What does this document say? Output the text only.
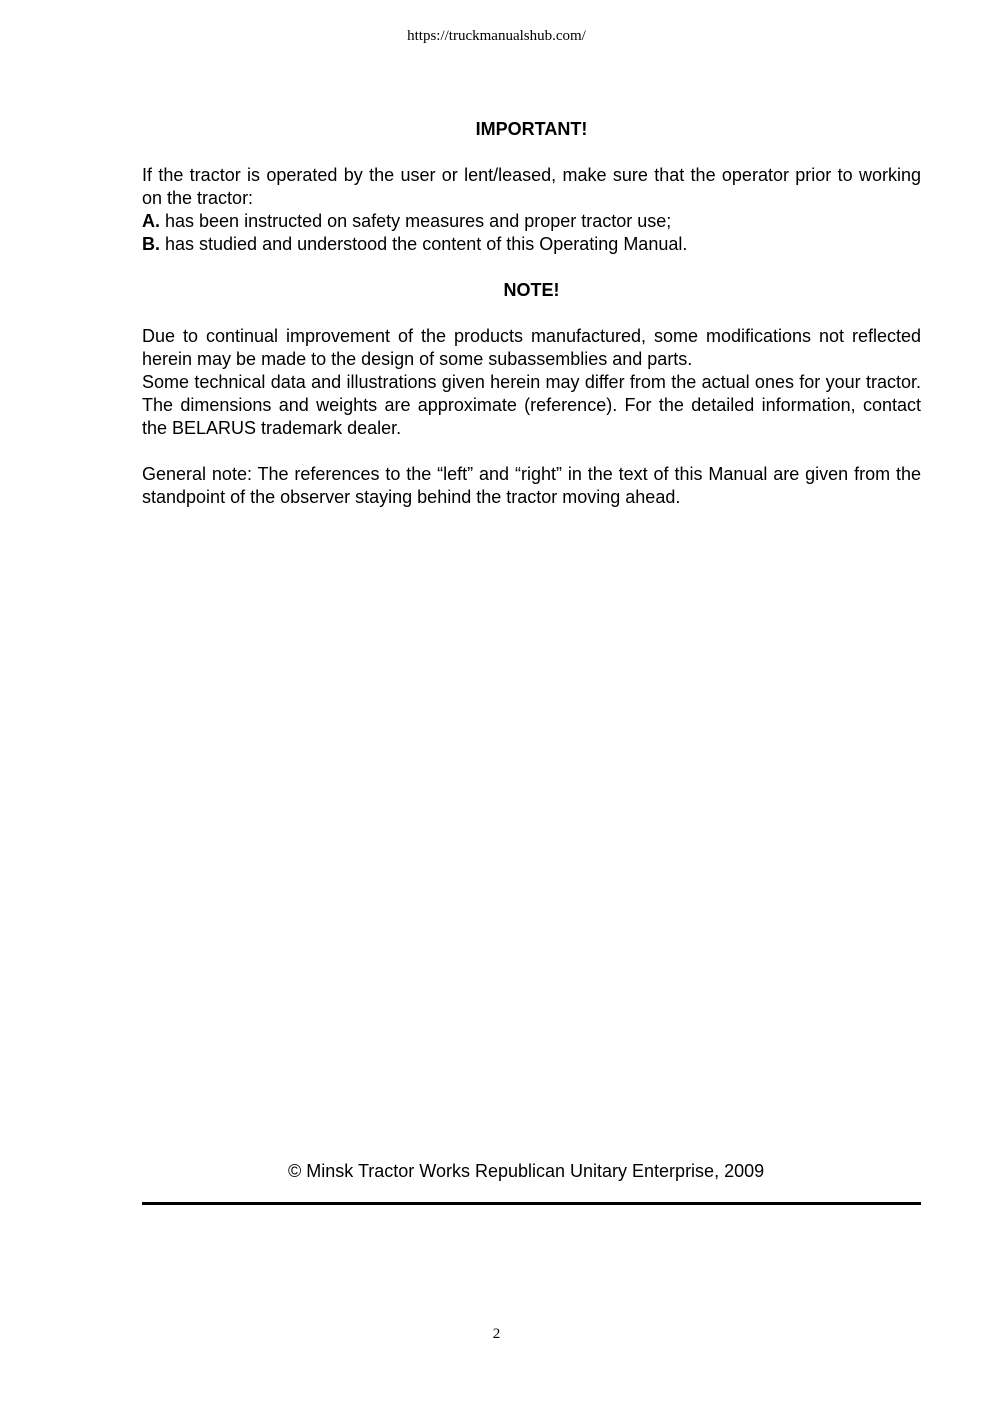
https://truckmanualshub.com/
IMPORTANT!

If the tractor is operated by the user or lent/leased, make sure that the operator prior to working on the tractor:

A. has been instructed on safety measures and proper tractor use;

B. has studied and understood the content of this Operating Manual.

NOTE!

Due to continual improvement of the products manufactured, some modifications not reflected herein may be made to the design of some subassemblies and parts.

Some technical data and illustrations given herein may differ from the actual ones for your tractor. The dimensions and weights are approximate (reference). For the detailed information, contact the BELARUS trademark dealer.

General note: The references to the “left” and “right” in the text of this Manual are given from the standpoint of the observer staying behind the tractor moving ahead.

© Minsk Tractor Works Republican Unitary Enterprise, 2009
2
